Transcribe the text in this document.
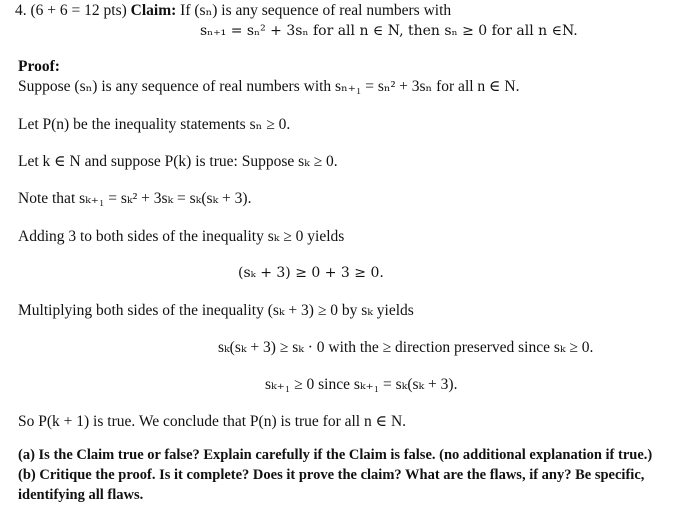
4. (6 + 6 = 12 pts) Claim: If (sₙ) is any sequence of real numbers with
sₙ₊₁ = sₙ² + 3sₙ for all n ∈ N, then sₙ ≥ 0 for all n ∈N.
Proof:
Suppose (sₙ) is any sequence of real numbers with sₙ₊₁ = sₙ² + 3sₙ for all n ∈ N.
Let P(n) be the inequality statements sₙ ≥ 0.
Let k ∈ N and suppose P(k) is true: Suppose sₖ ≥ 0.
Note that sₖ₊₁ = sₖ² + 3sₖ = sₖ(sₖ + 3).
Adding 3 to both sides of the inequality sₖ ≥ 0 yields
(sₖ + 3) ≥ 0 + 3 ≥ 0.
Multiplying both sides of the inequality (sₖ + 3) ≥ 0 by sₖ yields
sₖ(sₖ + 3) ≥ sₖ · 0 with the ≥ direction preserved since sₖ ≥ 0.
sₖ₊₁ ≥ 0 since sₖ₊₁ = sₖ(sₖ + 3).
So P(k + 1) is true. We conclude that P(n) is true for all n ∈ N.
(a) Is the Claim true or false? Explain carefully if the Claim is false. (no additional explanation if true.)
(b) Critique the proof. Is it complete? Does it prove the claim? What are the flaws, if any? Be specific,
identifying all flaws.
